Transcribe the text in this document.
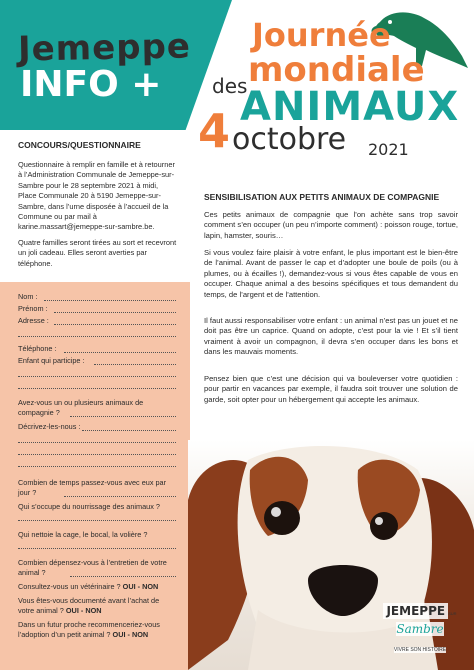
Jemeppe
INFO +
Journée
mondiale
des
ANIMAUX
4 octobre 2021
CONCOURS/QUESTIONNAIRE
Questionnaire à remplir en famille et à retourner à l’Administration Communale de Jemeppe-sur-Sambre pour le 28 septembre 2021 à midi, Place Communale 20 à 5190 Jemeppe-sur-Sambre, dans l’urne disposée à l’accueil de la Commune ou par mail à karine.massart@jemeppe-sur-sambre.be.
Quatre familles seront tirées au sort et recevront un joli cadeau. Elles seront averties par téléphone.
Nom :
Prénom :
Adresse :
Téléphone :
Enfant qui participe :
Avez-vous un ou plusieurs animaux de compagnie ?
Décrivez-les-nous :
Combien de temps passez-vous avec eux par jour ?
Qui s’occupe du nourrissage des animaux ?
Qui nettoie la cage, le bocal, la volière ?
Combien dépensez-vous à l’entretien de votre animal ?
Consultez-vous un vétérinaire ? OUI - NON
Vous êtes-vous documenté avant l’achat de votre animal ? OUI - NON
Dans un futur proche recommenceriez-vous l’adoption d’un petit animal ? OUI - NON
SENSIBILISATION AUX PETITS ANIMAUX DE COMPAGNIE
Ces petits animaux de compagnie que l’on achète sans trop savoir comment s’en occuper (un peu n’importe comment) : poisson rouge, tortue, lapin, hamster, souris…
Si vous voulez faire plaisir à votre enfant, le plus important est le bien-être de l’animal. Avant de passer le cap et d’adopter une boule de poils (ou à plumes, ou à écailles !), demandez-vous si vous êtes capable de vous en occuper. Chaque animal a des besoins spécifiques et tous demandent du temps, de l’argent et de l’attention.
Il faut aussi responsabiliser votre enfant : un animal n’est pas un jouet et ne doit pas être un caprice. Quand on adopte, c’est pour la vie ! Et s’il tient vraiment à avoir un compagnon, il devra s’en occuper dans les bons et dans les mauvais moments.
Pensez bien que c’est une décision qui va bouleverser votre quotidien : pour partir en vacances par exemple, il faudra soit trouver une solution de garde, soit opter pour un hébergement qui accepte les animaux.
JEMEPPE SUR
Sambre
VIVRE SON HISTOIRE
